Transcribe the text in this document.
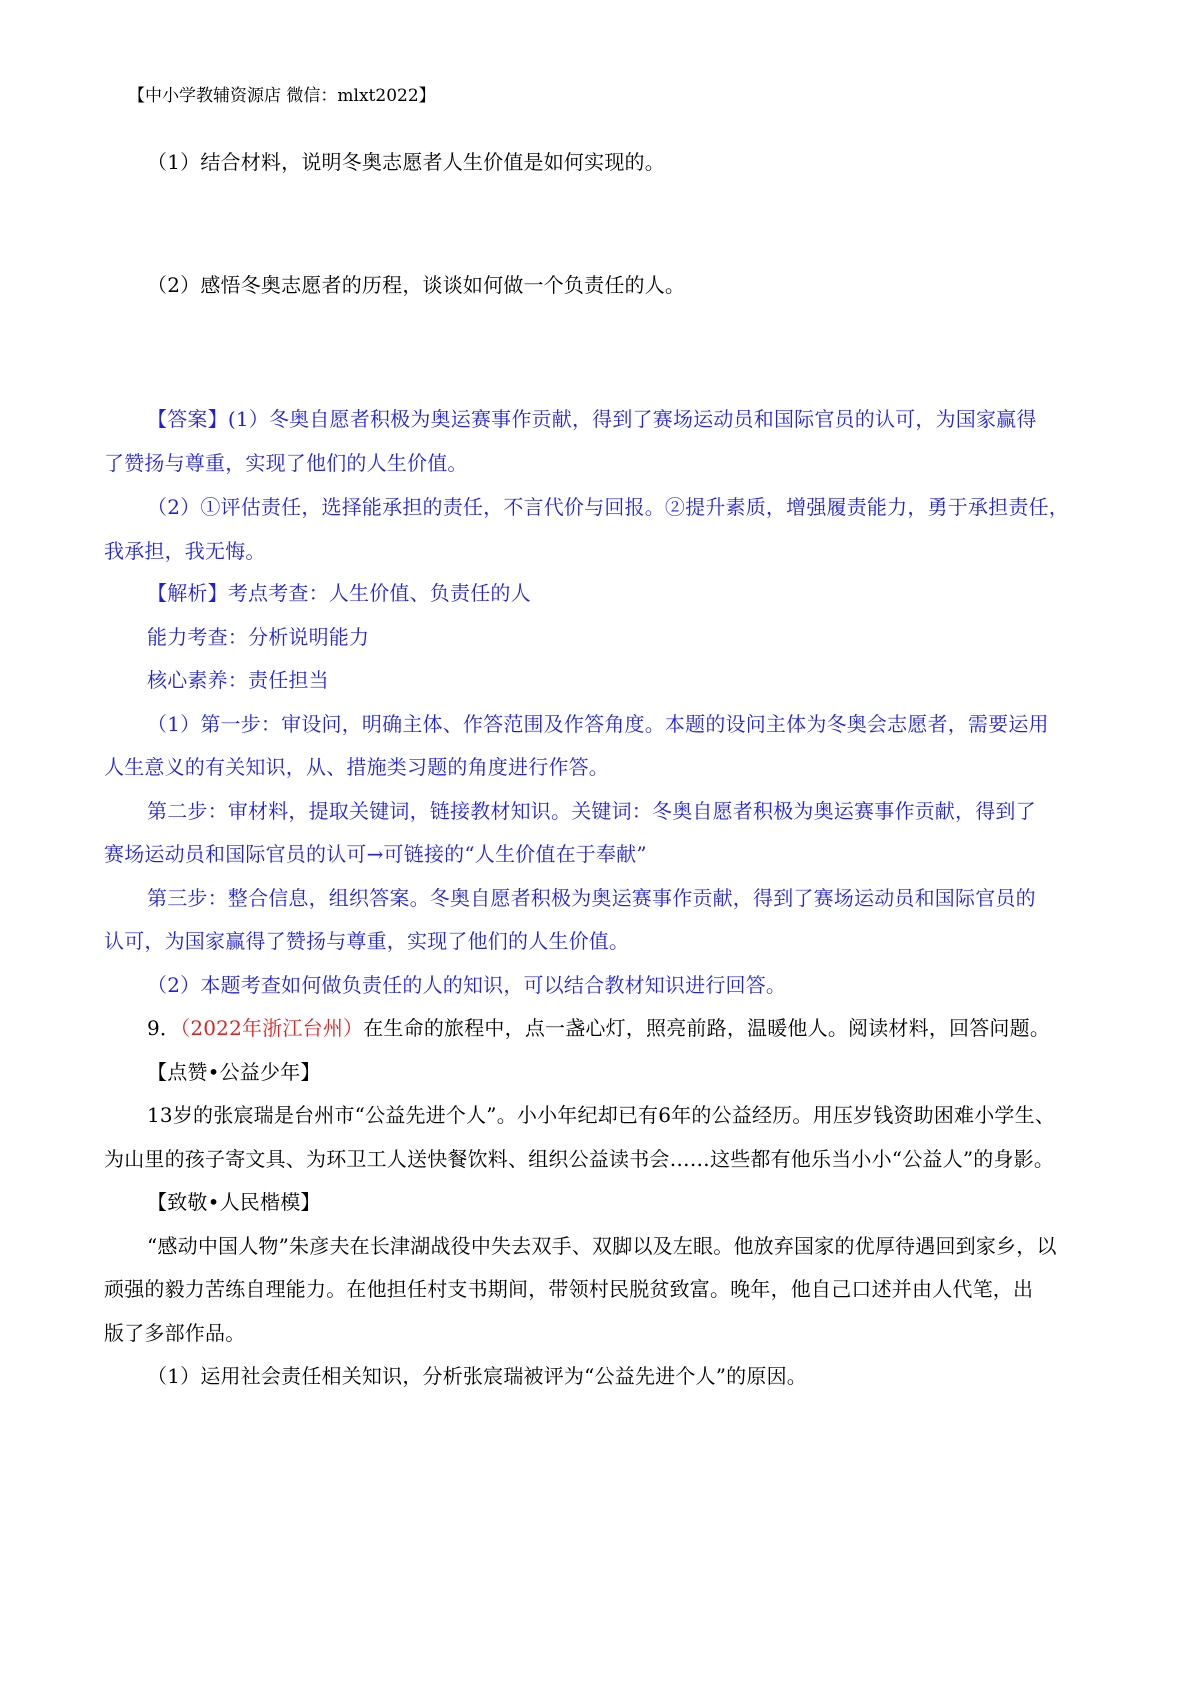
【中小学教辅资源店 微信：mlxt2022】
（1）结合材料，说明冬奥志愿者人生价值是如何实现的。
（2）感悟冬奥志愿者的历程，谈谈如何做一个负责任的人。
【答案】(1）冬奥自愿者积极为奥运赛事作贡献，得到了赛场运动员和国际官员的认可，为国家赢得
了赞扬与尊重，实现了他们的人生价值。
（2）①评估责任，选择能承担的责任，不言代价与回报。②提升素质，增强履责能力，勇于承担责任，
我承担，我无悔。
【解析】考点考查：人生价值、负责任的人
能力考查：分析说明能力
核心素养：责任担当
（1）第一步：审设问，明确主体、作答范围及作答角度。本题的设问主体为冬奥会志愿者，需要运用
人生意义的有关知识，从、措施类习题的角度进行作答。
第二步：审材料，提取关键词，链接教材知识。关键词：冬奥自愿者积极为奥运赛事作贡献，得到了
赛场运动员和国际官员的认可→可链接的“人生价值在于奉献”
第三步：整合信息，组织答案。冬奥自愿者积极为奥运赛事作贡献，得到了赛场运动员和国际官员的
认可，为国家赢得了赞扬与尊重，实现了他们的人生价值。
（2）本题考查如何做负责任的人的知识，可以结合教材知识进行回答。
9．（2022年浙江台州）在生命的旅程中，点一盏心灯，照亮前路，温暖他人。阅读材料，回答问题。
【点赞•公益少年】
13岁的张宸瑞是台州市“公益先进个人”。小小年纪却已有6年的公益经历。用压岁钱资助困难小学生、
为山里的孩子寄文具、为环卫工人送快餐饮料、组织公益读书会……这些都有他乐当小小“公益人”的身影。
【致敬•人民楷模】
“感动中国人物”朱彦夫在长津湖战役中失去双手、双脚以及左眼。他放弃国家的优厚待遇回到家乡，以
顽强的毅力苦练自理能力。在他担任村支书期间，带领村民脱贫致富。晚年，他自己口述并由人代笔，出
版了多部作品。
（1）运用社会责任相关知识，分析张宸瑞被评为“公益先进个人”的原因。
